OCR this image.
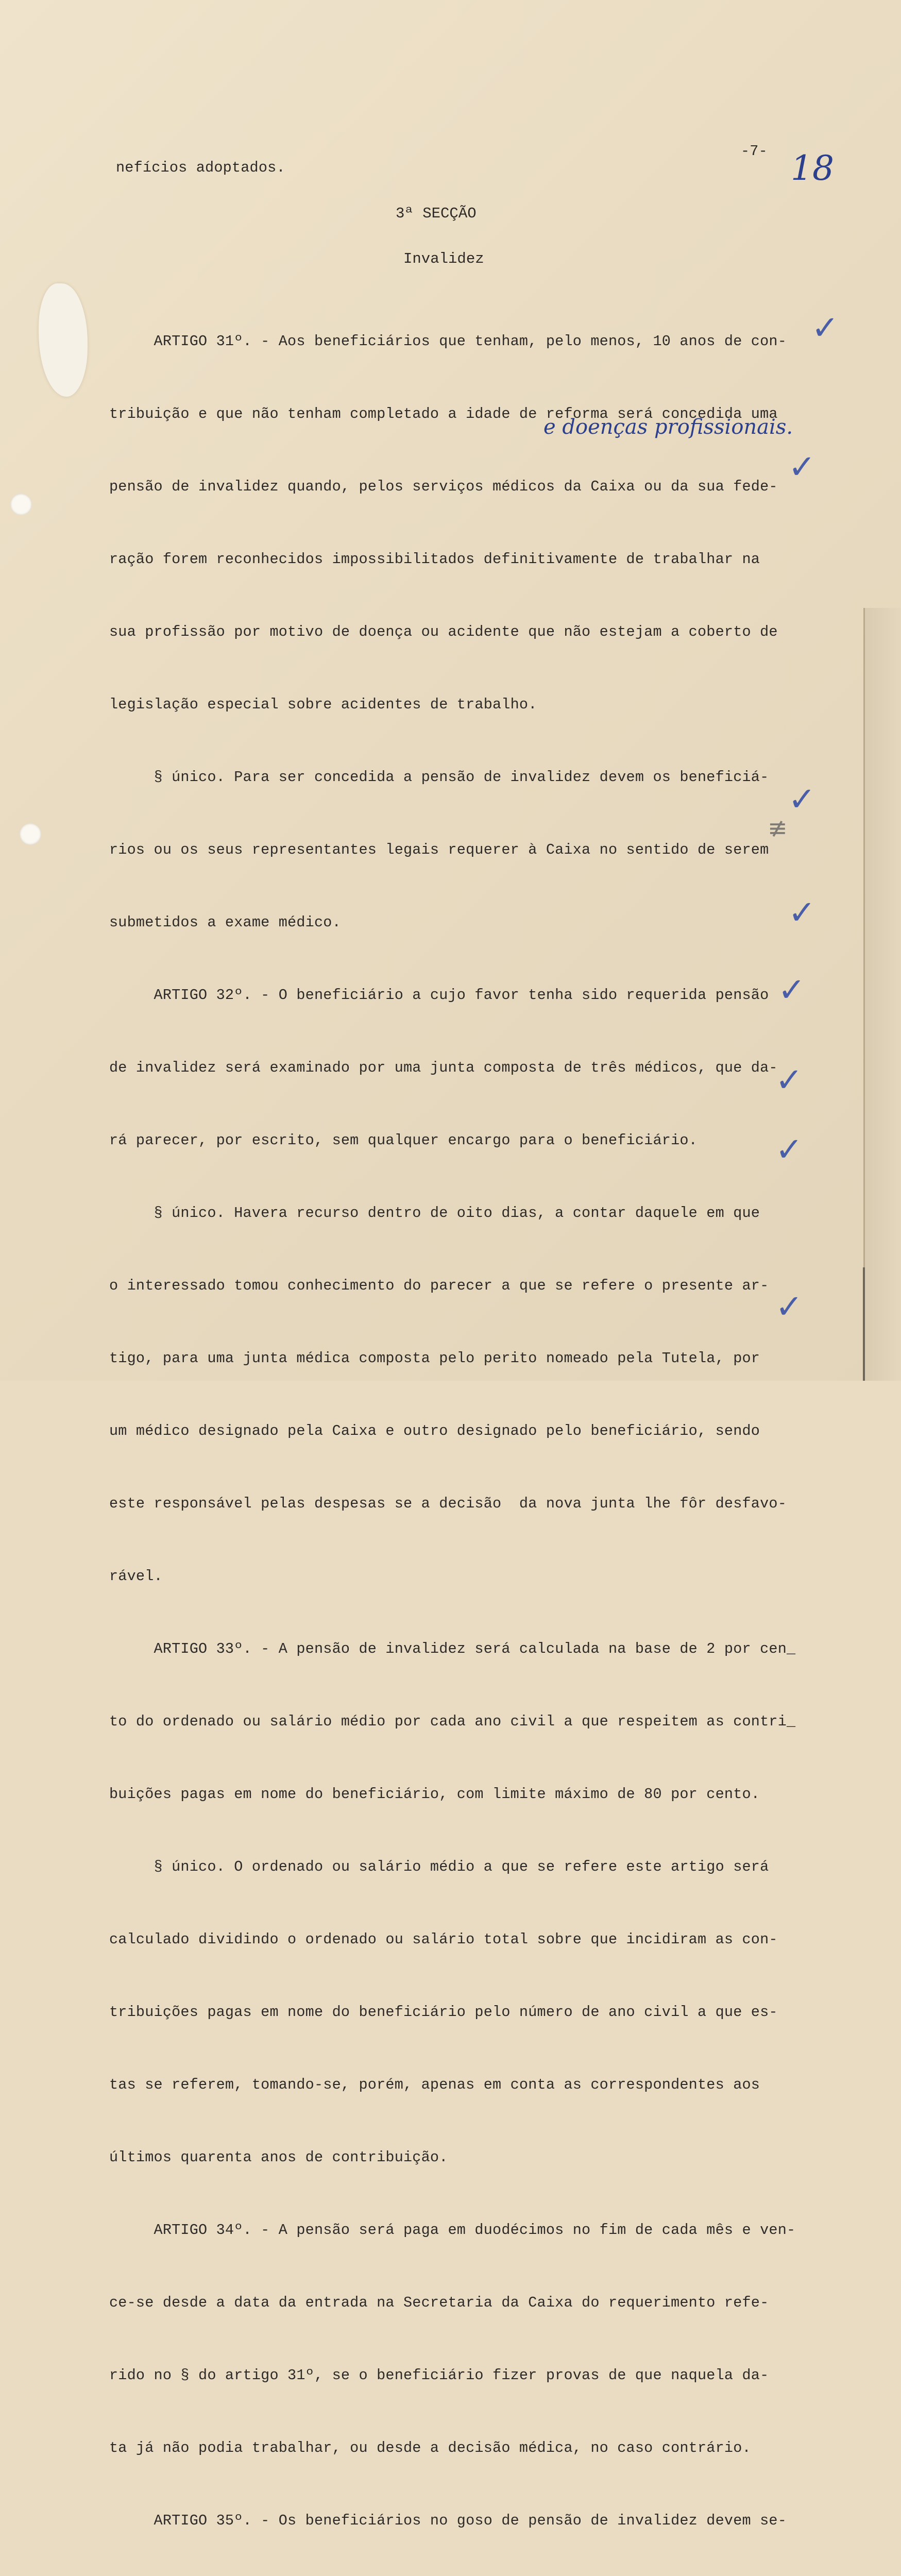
-7- 18
nefícios adoptados.
3ª SECÇÃO
Invalidez

ARTIGO 31º. - Aos beneficiários que tenham, pelo menos, 10 anos de con-

tribuição e que não tenham completado a idade de reforma será concedida uma

pensão de invalidez quando, pelos serviços médicos da Caixa ou da sua fede-

ração forem reconhecidos impossibilitados definitivamente de trabalhar na

sua profissão por motivo de doença ou acidente que não estejam a coberto de

legislação especial sobre acidentes de trabalho.

§ único. Para ser concedida a pensão de invalidez devem os beneficiá-

rios ou os seus representantes legais requerer à Caixa no sentido de serem

submetidos a exame médico.

ARTIGO 32º. - O beneficiário a cujo favor tenha sido requerida pensão

de invalidez será examinado por uma junta composta de três médicos, que da-

rá parecer, por escrito, sem qualquer encargo para o beneficiário.

§ único. Havera recurso dentro de oito dias, a contar daquele em que

o interessado tomou conhecimento do parecer a que se refere o presente ar-

tigo, para uma junta médica composta pelo perito nomeado pela Tutela, por

um médico designado pela Caixa e outro designado pelo beneficiário, sendo

este responsável pelas despesas se a decisão  da nova junta lhe fôr desfavo-

rável.

ARTIGO 33º. - A pensão de invalidez será calculada na base de 2 por cen_

to do ordenado ou salário médio por cada ano civil a que respeitem as contri_

buições pagas em nome do beneficiário, com limite máximo de 80 por cento.

§ único. O ordenado ou salário médio a que se refere este artigo será

calculado dividindo o ordenado ou salário total sobre que incidiram as con-

tribuições pagas em nome do beneficiário pelo número de ano civil a que es-

tas se referem, tomando-se, porém, apenas em conta as correspondentes aos

últimos quarenta anos de contribuição.

ARTIGO 34º. - A pensão será paga em duodécimos no fim de cada mês e ven-

ce-se desde a data da entrada na Secretaria da Caixa do requerimento refe-

rido no § do artigo 31º, se o beneficiário fizer provas de que naquela da-

ta já não podia trabalhar, ou desde a decisão médica, no caso contrário.

ARTIGO 35º. - Os beneficiários no goso de pensão de invalidez devem se-

e doenças profissionais.
✓
✓
✓
✓
✓
✓
✓
✓
≢
